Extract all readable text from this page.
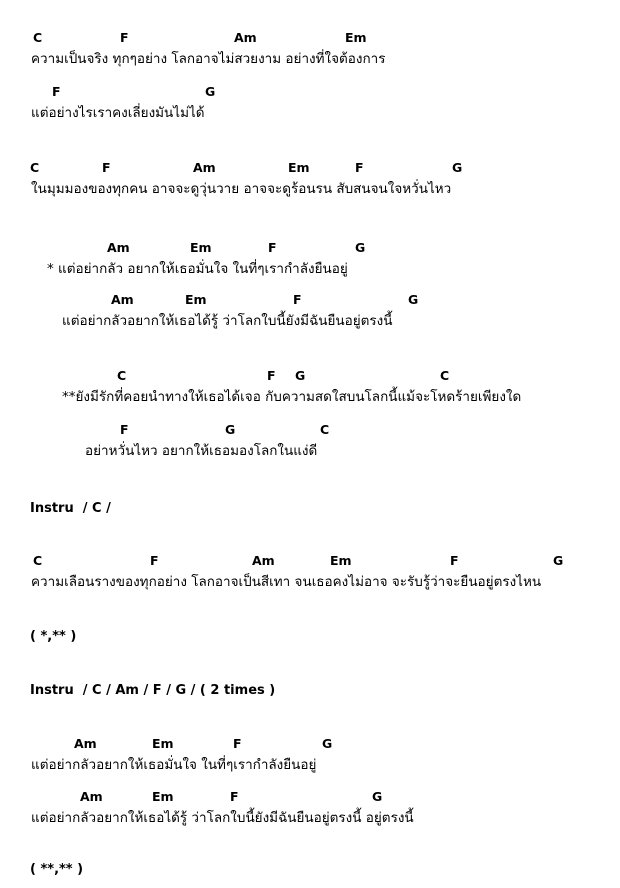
C	F	Am	Em
ความเป็นจริง ทุกๆอย่าง โลกอาจไม่สวยงาม อย่างที่ใจต้องการ
F	G
แต่อย่างไรเราคงเลี่ยงมันไม่ได้
C	F	Am	Em	F	G
ในมุมมองของทุกคน อาจจะดูวุ่นวาย อาจจะดูร้อนรน สับสนจนใจหวั่นไหว
Am	Em	F	G
* แต่อย่ากลัว อยากให้เธอมั่นใจ ในที่ๆเรากำลังยืนอยู่
Am	Em	F	G
แต่อย่ากลัวอยากให้เธอได้รู้ ว่าโลกใบนี้ยังมีฉันยืนอยู่ตรงนี้
C	F G	C
**ยังมีรักที่คอยนำทางให้เธอได้เจอ กับความสดใสบนโลกนี้แม้จะโหดร้ายเพียงใด
F	G	C
อย่าหวั่นไหว อยากให้เธอมองโลกในแง่ดี
Instru  / C /
C	F	Am	Em	F	G
ความเลือนรางของทุกอย่าง โลกอาจเป็นสีเทา จนเธอคงไม่อาจ จะรับรู้ว่าจะยืนอยู่ตรงไหน
( *,** )
Instru  / C / Am / F / G / ( 2 times )
Am	Em	F	G
แต่อย่ากลัวอยากให้เธอมั่นใจ ในที่ๆเรากำลังยืนอยู่
Am	Em	F	G
แต่อย่ากลัวอยากให้เธอได้รู้ ว่าโลกใบนี้ยังมีฉันยืนอยู่ตรงนี้ อยู่ตรงนี้
( **,** )
